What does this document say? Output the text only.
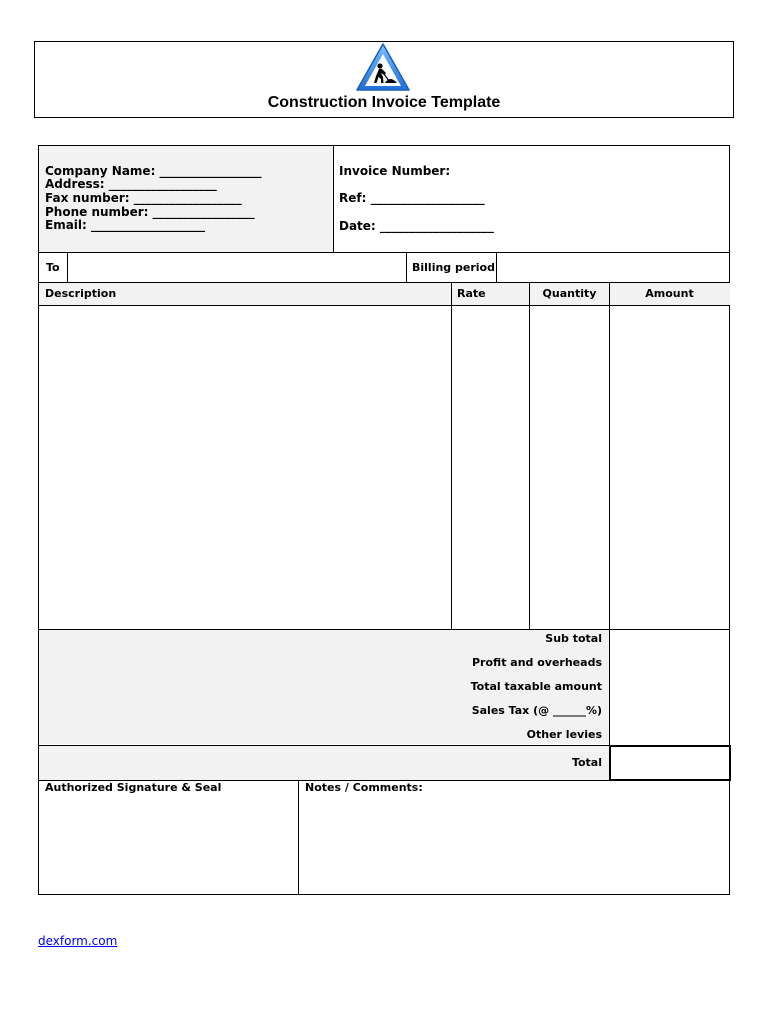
Construction Invoice Template
Company Name: _________________
Address: __________________
Fax number: __________________
Phone number: _________________
Email: ___________________
Invoice Number:
Ref: ___________________
Date: ___________________
To	Billing period
Description	Rate	Quantity	Amount
Sub total
Profit and overheads
Total taxable amount
Sales Tax (@ ______%)
Other levies
Total
Authorized Signature & Seal	Notes / Comments:
dexform.com
